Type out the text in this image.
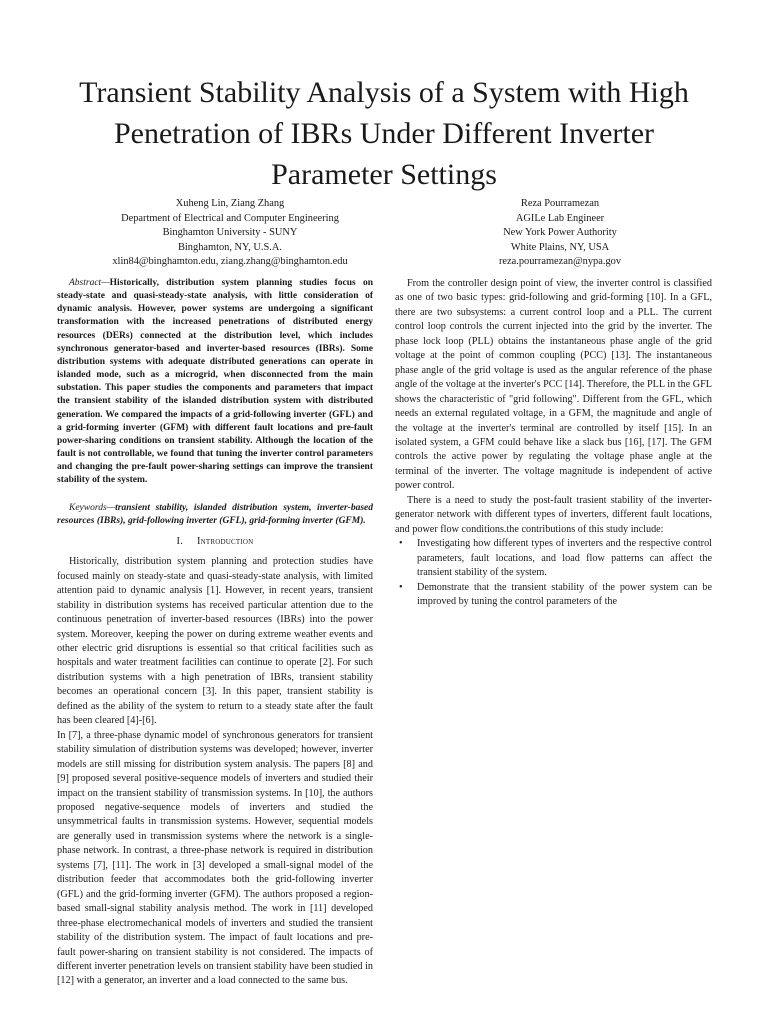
Transient Stability Analysis of a System with High
Penetration of IBRs Under Different Inverter
Parameter Settings
Xuheng Lin, Ziang Zhang
Department of Electrical and Computer Engineering
Binghamton University - SUNY
Binghamton, NY, U.S.A.
xlin84@binghamton.edu, ziang.zhang@binghamton.edu
Reza Pourramezan
AGILe Lab Engineer
New York Power Authority
White Plains, NY, USA
reza.pourramezan@nypa.gov

Abstract—Historically, distribution system planning studies focus on steady-state and quasi-steady-state analysis, with little consideration of dynamic analysis. However, power systems are undergoing a significant transformation with the increased penetrations of distributed energy resources (DERs) connected at the distribution level, which includes synchronous generator-based and inverter-based resources (IBRs). Some distribution systems with adequate distributed generations can operate in islanded mode, such as a microgrid, when disconnected from the main substation. This paper studies the components and parameters that impact the transient stability of the islanded distribution system with distributed generation. We compared the impacts of a grid-following inverter (GFL) and a grid-forming inverter (GFM) with different fault locations and pre-fault power-sharing conditions on transient stability. Although the location of the fault is not controllable, we found that tuning the inverter control parameters and changing the pre-fault power-sharing settings can improve the transient stability of the system.

Keywords—transient stability, islanded distribution system, inverter-based resources (IBRs), grid-following inverter (GFL), grid-forming inverter (GFM).

I. Introduction

Historically, distribution system planning and protection studies have focused mainly on steady-state and quasi-steady-state analysis, with limited attention paid to dynamic analysis [1]. However, in recent years, transient stability in distribution systems has received particular attention due to the continuous penetration of inverter-based resources (IBRs) into the power system. Moreover, keeping the power on during extreme weather events and other electric grid disruptions is essential so that critical facilities such as hospitals and water treatment facilities can continue to operate [2]. For such distribution systems with a high penetration of IBRs, transient stability becomes an operational concern [3]. In this paper, transient stability is defined as the ability of the system to return to a steady state after the fault has been cleared [4]-[6].

In [7], a three-phase dynamic model of synchronous generators for transient stability simulation of distribution systems was developed; however, inverter models are still missing for distribution system analysis. The papers [8] and [9] proposed several positive-sequence models of inverters and studied their impact on the transient stability of transmission systems. In [10], the authors proposed negative-sequence models of inverters and studied the unsymmetrical faults in transmission systems. However, sequential models are generally used in transmission systems where the network is a single-phase network. In contrast, a three-phase network is required in distribution systems [7], [11]. The work in [3] developed a small-signal model of the distribution feeder that accommodates both the grid-following inverter (GFL) and the grid-forming inverter (GFM). The authors proposed a region-based small-signal stability analysis method. The work in [11] developed three-phase electromechanical models of inverters and studied the transient stability of the distribution system. The impact of fault locations and pre-fault power-sharing on transient stability is not considered. The impacts of different inverter penetration levels on transient stability have been studied in [12] with a generator, an inverter and a load connected to the same bus.

From the controller design point of view, the inverter control is classified as one of two basic types: grid-following and grid-forming [10]. In a GFL, there are two subsystems: a current control loop and a PLL. The current control loop controls the current injected into the grid by the inverter. The phase lock loop (PLL) obtains the instantaneous phase angle of the grid voltage at the point of common coupling (PCC) [13]. The instantaneous phase angle of the grid voltage is used as the angular reference of the phase angle of the voltage at the inverter's PCC [14]. Therefore, the PLL in the GFL shows the characteristic of "grid following". Different from the GFL, which needs an external regulated voltage, in a GFM, the magnitude and angle of the voltage at the inverter's terminal are controlled by itself [15]. In an isolated system, a GFM could behave like a slack bus [16], [17]. The GFM controls the active power by regulating the voltage phase angle at the terminal of the inverter. The voltage magnitude is independent of active power control.

There is a need to study the post-fault trasient stability of the inverter-generator network with different types of inverters, different fault locations, and power flow conditions.the contributions of this study include:

• Investigating how different types of inverters and the respective control parameters, fault locations, and load flow patterns can affect the transient stability of the system.
• Demonstrate that the transient stability of the power system can be improved by tuning the control parameters of the
